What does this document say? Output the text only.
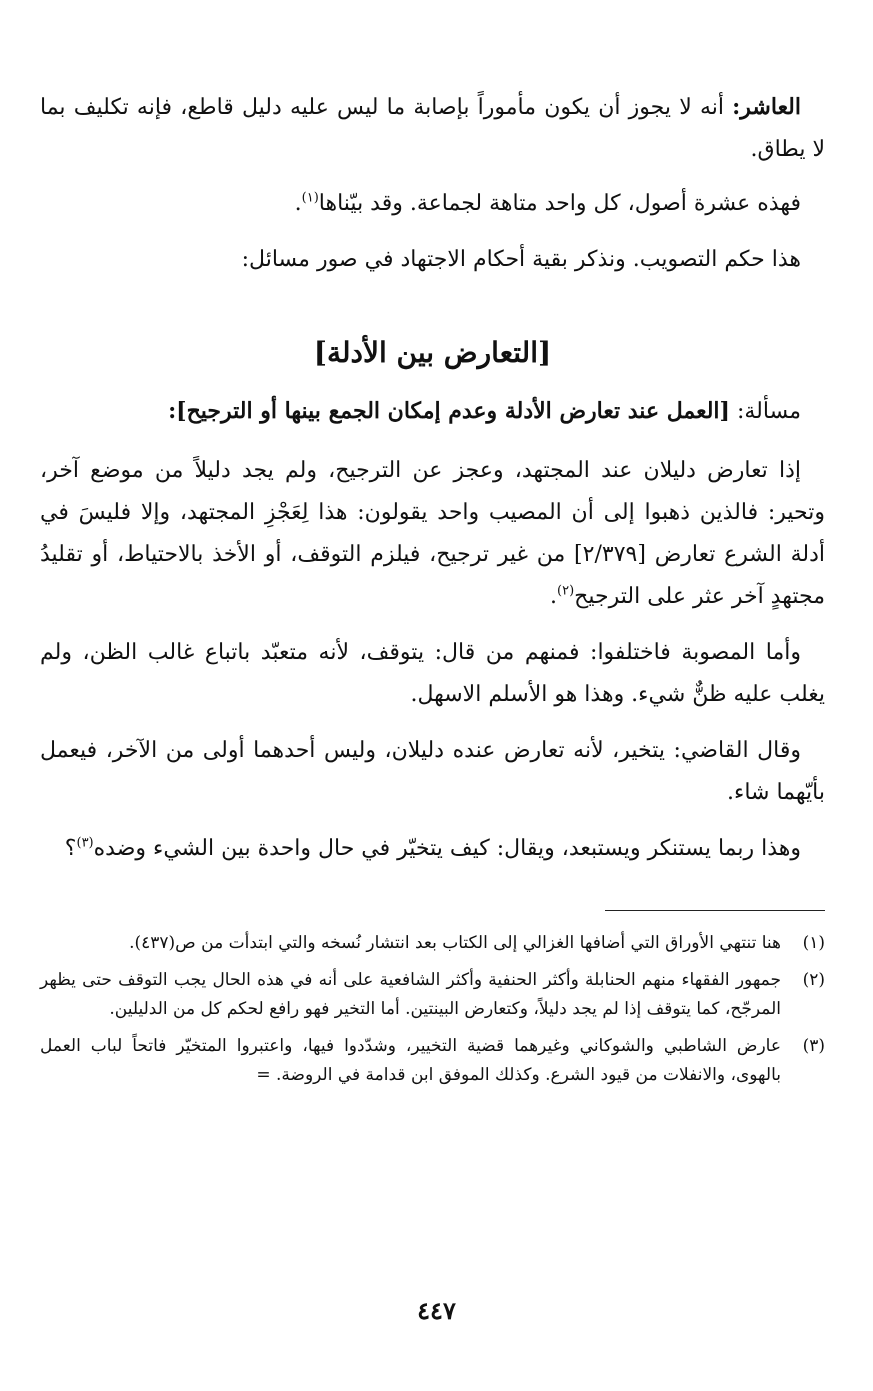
العاشر: أنه لا يجوز أن يكون مأموراً بإصابة ما ليس عليه دليل قاطع، فإنه تكليف بما لا يطاق.

فهذه عشرة أصول، كل واحد متاهة لجماعة. وقد بيّناها$^{(١)}$.

هذا حكم التصويب. ونذكر بقية أحكام الاجتهاد في صور مسائل:

[التعارض بين الأدلة]

مسألة: [العمل عند تعارض الأدلة وعدم إمكان الجمع بينها أو الترجيح]:

إذا تعارض دليلان عند المجتهد، وعجز عن الترجيح، ولم يجد دليلاً من موضع آخر، وتحير: فالذين ذهبوا إلى أن المصيب واحد يقولون: هذا لِعَجْزِ المجتهد، وإلا فليسَ في أدلة الشرع تعارض [٢/٣٧٩] من غير ترجيح، فيلزم التوقف، أو الأخذ بالاحتياط، أو تقليدُ مجتهدٍ آخر عثر على الترجيح$^{(٢)}$.

وأما المصوبة فاختلفوا: فمنهم من قال: يتوقف، لأنه متعبّد باتباع غالب الظن، ولم يغلب عليه ظنٌّ شيء. وهذا هو الأسلم الاسهل.

وقال القاضي: يتخير، لأنه تعارض عنده دليلان، وليس أحدهما أولى من الآخر، فيعمل بأيّهما شاء.

وهذا ربما يستنكر ويستبعد، ويقال: كيف يتخيّر في حال واحدة بين الشيء وضده$^{(٣)}$؟

(١)
هنا تنتهي الأوراق التي أضافها الغزالي إلى الكتاب بعد انتشار نُسخه والتي ابتدأت من ص(٤٣٧).
(٢)
جمهور الفقهاء منهم الحنابلة وأكثر الحنفية وأكثر الشافعية على أنه في هذه الحال يجب التوقف حتى يظهر المرجّح، كما يتوقف إذا لم يجد دليلاً، وكتعارض البينتين. أما التخير فهو رافع لحكم كل من الدليلين.
(٣)
عارض الشاطبي والشوكاني وغيرهما قضية التخيير، وشدّدوا فيها، واعتبروا المتخيّر فاتحاً لباب العمل بالهوى، والانفلات من قيود الشرع. وكذلك الموفق ابن قدامة في الروضة. =
٤٤٧
